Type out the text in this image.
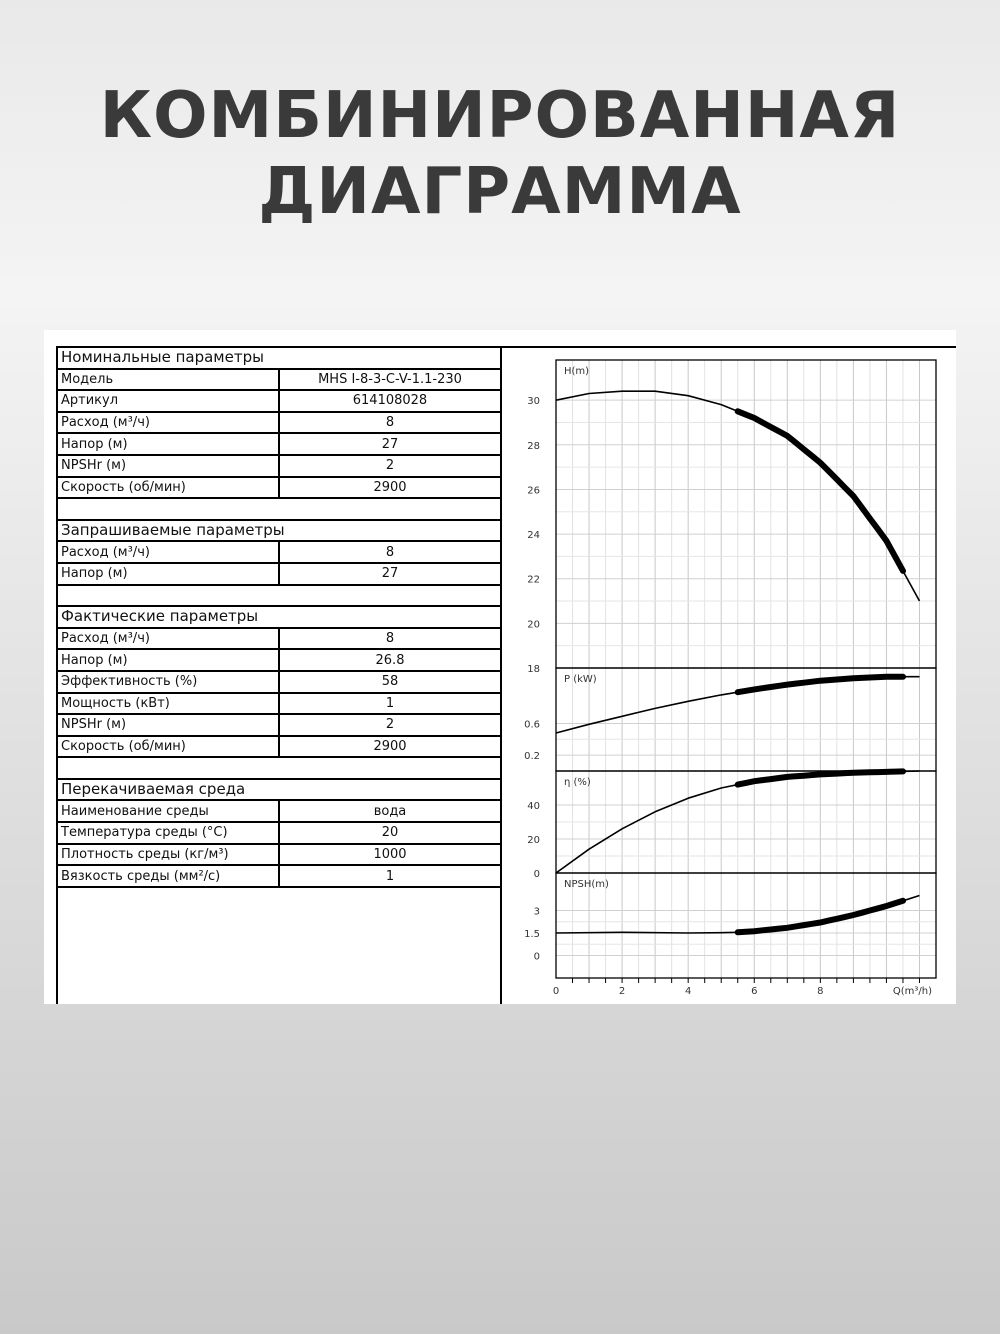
КОМБИНИРОВАННАЯ
ДИАГРАММА
Номинальные параметры	
Модель	MHS I-8-3-C-V-1.1-230
Артикул	614108028
Расход (м³/ч)	8
Напор (м)	27
NPSHr (м)	2
Скорость (об/мин)	2900

Запрашиваемые параметры	
Расход (м³/ч)	8
Напор (м)	27

Фактические параметры	
Расход (м³/ч)	8
Напор (м)	26.8
Эффективность (%)	58
Мощность (кВт)	1
NPSHr (м)	2
Скорость (об/мин)	2900

Перекачиваемая среда	
Наименование среды	вода
Температура среды (°C)	20
Плотность среды (кг/м³)	1000
Вязкость среды (мм²/с)	1
18
20
22
24
26
28
30
H(m)
0.2
0.6
P (kW)
0
20
40
η (%)
0
1.5
3
NPSH(m)
0	2	4	6	8	Q(m³/h)
